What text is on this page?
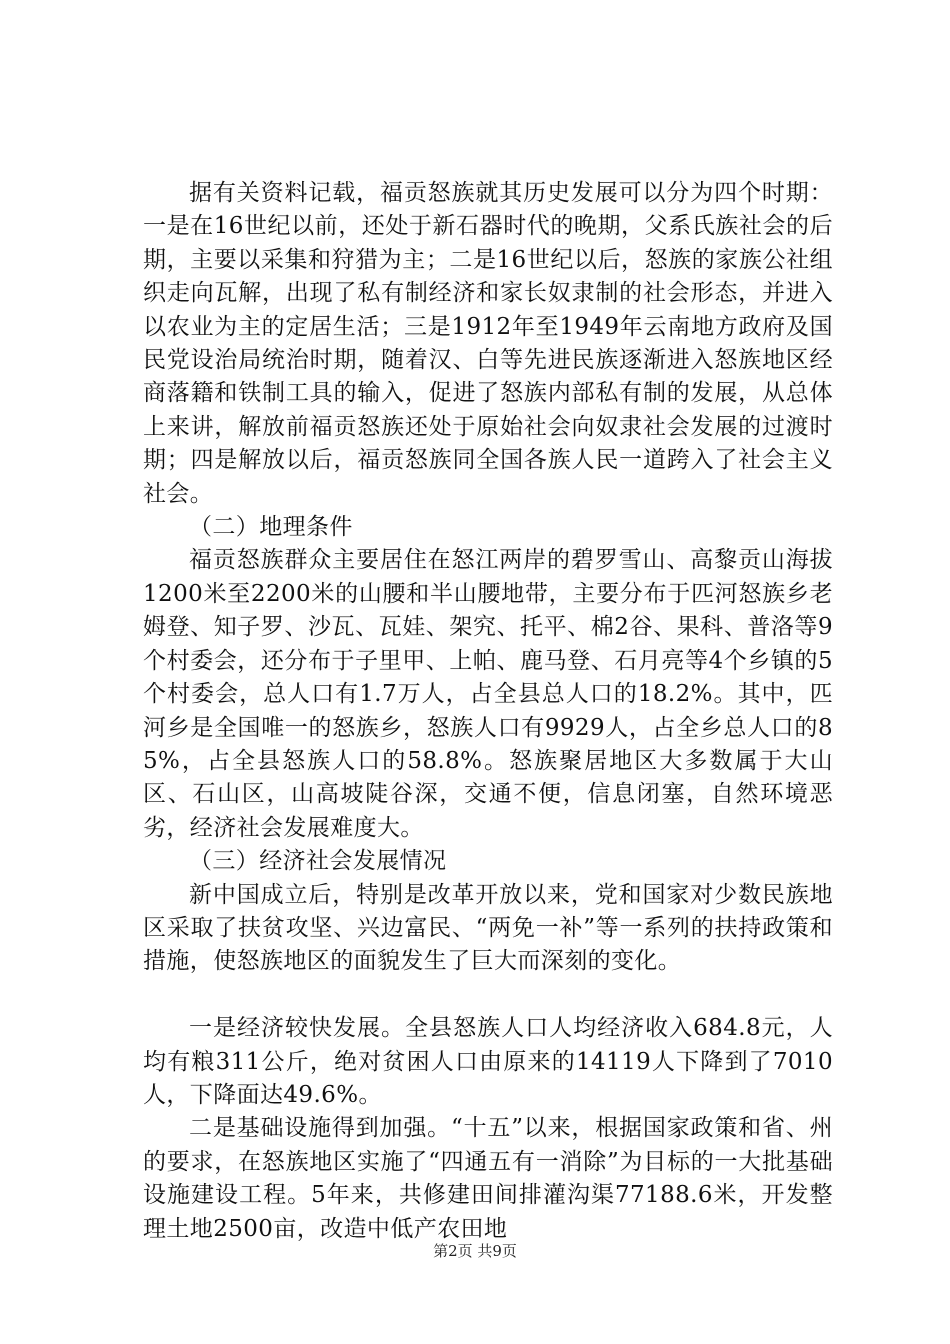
据有关资料记载，福贡怒族就其历史发展可以分为四个时期：一是在16世纪以前，还处于新石器时代的晚期，父系氏族社会的后期，主要以采集和狩猎为主；二是16世纪以后，怒族的家族公社组织走向瓦解，出现了私有制经济和家长奴隶制的社会形态，并进入以农业为主的定居生活；三是1912年至1949年云南地方政府及国民党设治局统治时期，随着汉、白等先进民族逐渐进入怒族地区经商落籍和铁制工具的输入，促进了怒族内部私有制的发展，从总体上来讲，解放前福贡怒族还处于原始社会向奴隶社会发展的过渡时期；四是解放以后，福贡怒族同全国各族人民一道跨入了社会主义社会。

（二）地理条件

福贡怒族群众主要居住在怒江两岸的碧罗雪山、高黎贡山海拔1200米至2200米的山腰和半山腰地带，主要分布于匹河怒族乡老姆登、知子罗、沙瓦、瓦娃、架究、托平、棉2谷、果科、普洛等9个村委会，还分布于子里甲、上帕、鹿马登、石月亮等4个乡镇的5个村委会，总人口有1.7万人，占全县总人口的18.2%。其中，匹河乡是全国唯一的怒族乡，怒族人口有9929人，占全乡总人口的85%，占全县怒族人口的58.8%。怒族聚居地区大多数属于大山区、石山区，山高坡陡谷深，交通不便，信息闭塞，自然环境恶劣，经济社会发展难度大。

（三）经济社会发展情况

新中国成立后，特别是改革开放以来，党和国家对少数民族地区采取了扶贫攻坚、兴边富民、“两免一补”等一系列的扶持政策和措施，使怒族地区的面貌发生了巨大而深刻的变化。

一是经济较快发展。全县怒族人口人均经济收入684.8元，人均有粮311公斤，绝对贫困人口由原来的14119人下降到了7010人，下降面达49.6%。

二是基础设施得到加强。“十五”以来，根据国家政策和省、州的要求，在怒族地区实施了“四通五有一消除”为目标的一大批基础设施建设工程。5年来，共修建田间排灌沟渠77188.6米，开发整理土地2500亩，改造中低产农田地

第2页 共9页
